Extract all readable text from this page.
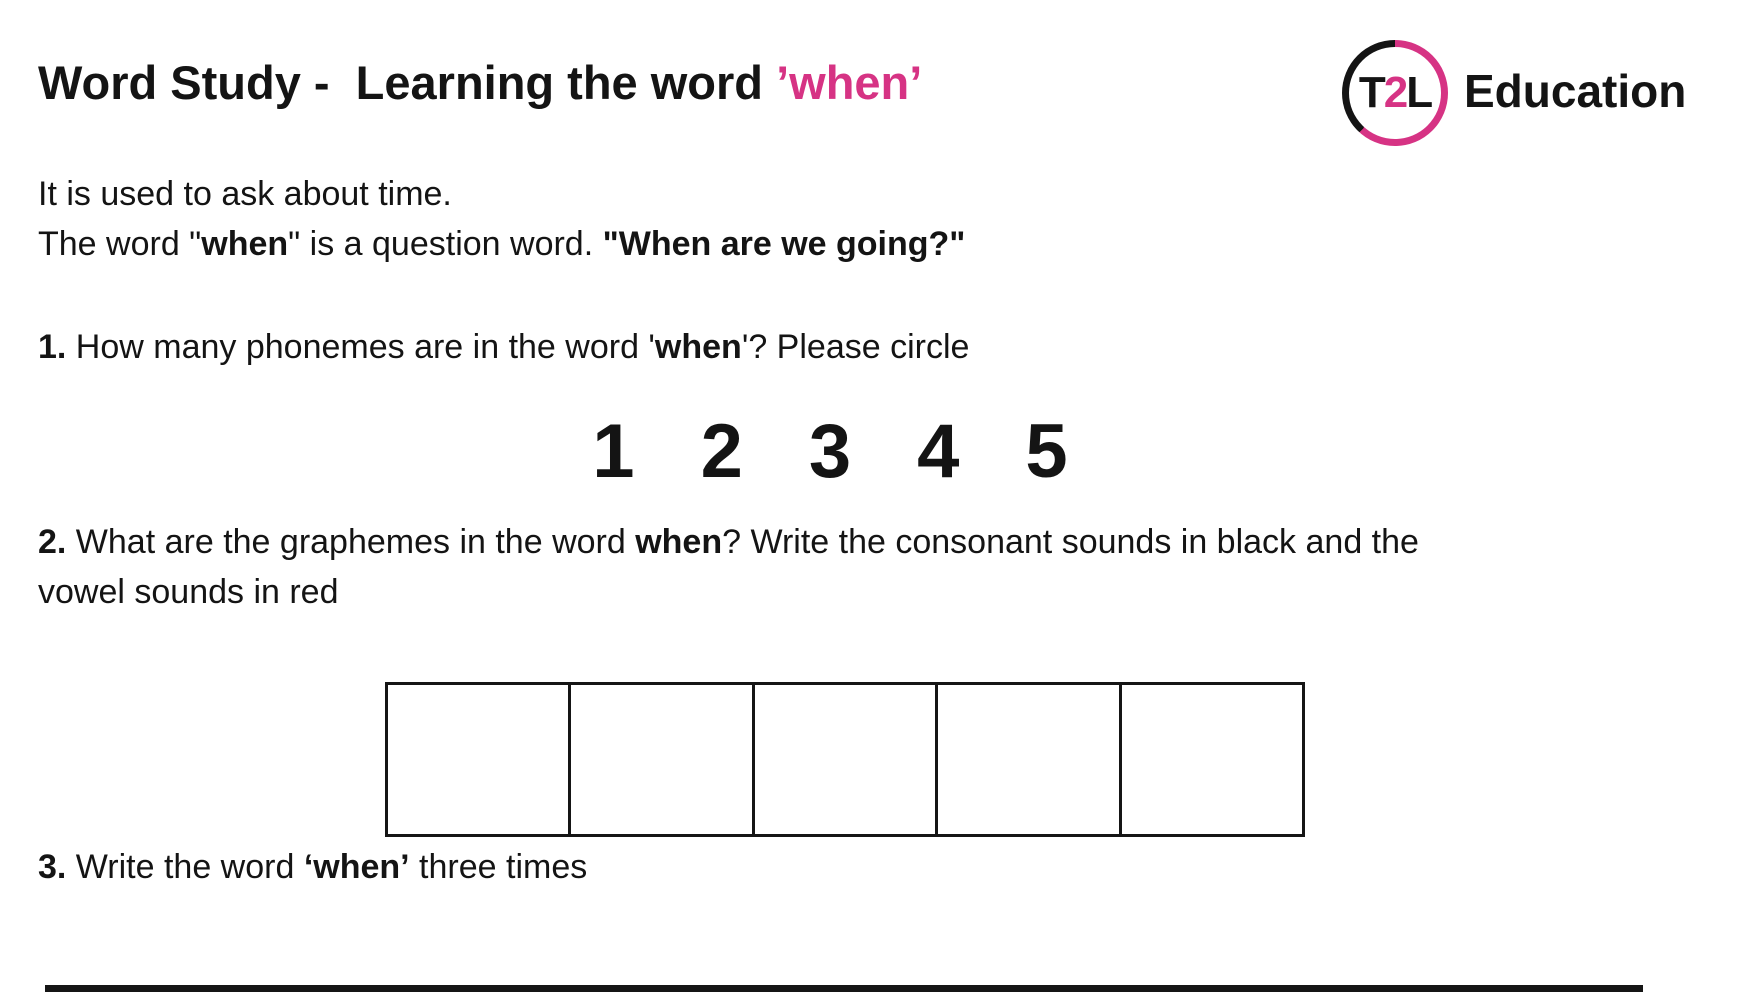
Word Study -  Learning the word ’when’	T 2 L Education
It is used to ask about time.
The word "when" is a question word. "When are we going?"
1. How many phonemes are in the word 'when'? Please circle
1 2 3 4 5
2. What are the graphemes in the word when? Write the consonant sounds in black and the
vowel sounds in red
3. Write the word ‘when’ three times
